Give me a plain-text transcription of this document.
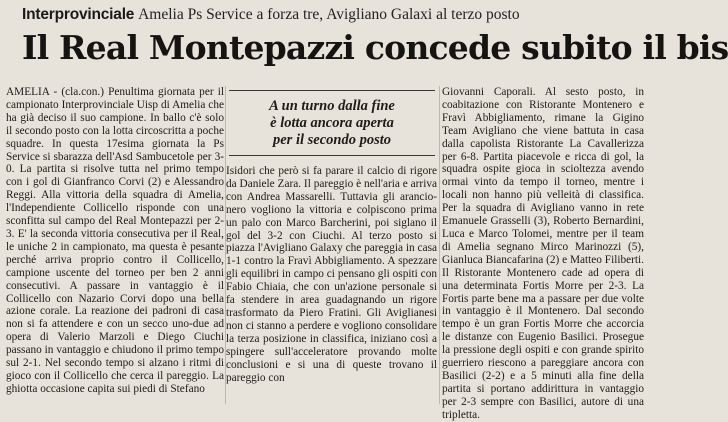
Interprovinciale Amelia Ps Service a forza tre, Avigliano Galaxi al terzo posto
Il Real Montepazzi concede subito il bis

AMELIA - (cla.con.) Penultima giornata per il campionato Interprovinciale Uisp di Amelia che ha già deciso il suo campione. In ballo c'è solo il secondo posto con la lotta circoscritta a poche squadre. In questa 17esima giornata la Ps Service si sbarazza dell'Asd Sambucetole per 3-0. La partita si risolve tutta nel primo tempo con i gol di Gianfranco Corvi (2) e Alessandro Reggi. Alla vittoria della squadra di Amelia, l'Independiente Collicello risponde con una sconfitta sul campo del Real Montepazzi per 2-3. E' la seconda vittoria consecutiva per il Real, le uniche 2 in campionato, ma questa è pesante perché arriva proprio contro il Collicello, campione uscente del torneo per ben 2 anni consecutivi. A passare in vantaggio è il Collicello con Nazario Corvi dopo una bella azione corale. La reazione dei padroni di casa non si fa attendere e con un secco uno-due ad opera di Valerio Marzoli e Diego Ciuchi passano in vantaggio e chiudono il primo tempo sul 2-1. Nel secondo tempo si alzano i ritmi di gioco con il Collicello che cerca il pareggio. La ghiotta occasione capita sui piedi di Stefano

A un turno dalla fine
è lotta ancora aperta
per il secondo posto

Isidori che però si fa parare il calcio di rigore da Daniele Zara. Il pareggio è nell'aria e arriva con Andrea Massarelli. Tuttavia gli arancio-nero vogliono la vittoria e colpiscono prima un palo con Marco Barcherini, poi siglano il gol del 3-2 con Ciuchi. Al terzo posto si piazza l'Avigliano Galaxy che pareggia in casa 1-1 contro la Fravì Abbigliamento. A spezzare gli equilibri in campo ci pensano gli ospiti con Fabio Chiaia, che con un'azione personale si fa stendere in area guadagnando un rigore trasformato da Piero Fratini. Gli Aviglianesi non ci stanno a perdere e vogliono consolidare la terza posizione in classifica, iniziano così a spingere sull'acceleratore provando molte conclusioni e si una di queste trovano il pareggio con

Giovanni Caporali. Al sesto posto, in coabitazione con Ristorante Montenero e Fravì Abbigliamento, rimane la Gigino Team Avigliano che viene battuta in casa dalla capolista Ristorante La Cavallerizza per 6-8. Partita piacevole e ricca di gol, la squadra ospite gioca in scioltezza avendo ormai vinto da tempo il torneo, mentre i locali non hanno più velleità di classifica. Per la squadra di Avigliano vanno in rete Emanuele Grasselli (3), Roberto Bernardini, Luca e Marco Tolomei, mentre per il team di Amelia segnano Mirco Marinozzi (5), Gianluca Biancafarina (2) e Matteo Filiberti. Il Ristorante Montenero cade ad opera di una determinata Fortis Morre per 2-3. La Fortis parte bene ma a passare per due volte in vantaggio è il Montenero. Dal secondo tempo è un gran Fortis Morre che accorcia le distanze con Eugenio Basilici. Prosegue la pressione degli ospiti e con grande spirito guerriero riescono a pareggiare ancora con Basilici (2-2) e a 5 minuti alla fine della partita si portano addirittura in vantaggio per 2-3 sempre con Basilici, autore di una tripletta.
